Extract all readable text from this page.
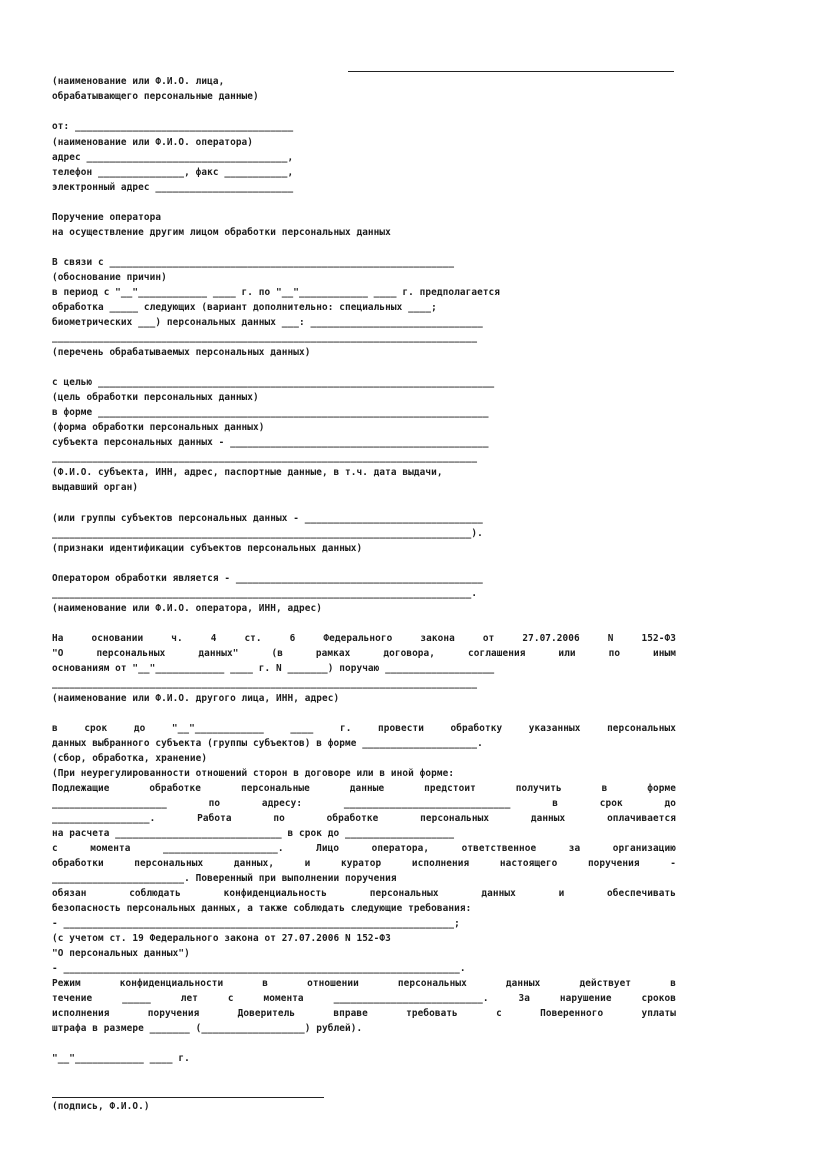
(наименование или Ф.И.О. лица,
обрабатывающего персональные данные)
от: ______________________________________
(наименование или Ф.И.О. оператора)
адрес ___________________________________,
телефон _______________, факс ___________,
электронный адрес ________________________
Поручение оператора
на осуществление другим лицом обработки персональных данных
В связи с ____________________________________________________________
(обоснование причин)
в период с "__"____________ ____ г. по "__"____________ ____ г. предполагается
обработка _____ следующих (вариант дополнительно: специальных ____;
биометрических ___) персональных данных ___: ______________________________
__________________________________________________________________________
(перечень обрабатываемых персональных данных)
с целью _____________________________________________________________________
(цель обработки персональных данных)
в форме ____________________________________________________________________
(форма обработки персональных данных)
субъекта персональных данных - _____________________________________________
__________________________________________________________________________
(Ф.И.О. субъекта, ИНН, адрес, паспортные данные, в т.ч. дата выдачи,
выдавший орган)
(или группы субъектов персональных данных - _______________________________
_________________________________________________________________________).
(признаки идентификации субъектов персональных данных)
Оператором обработки является - ___________________________________________
_________________________________________________________________________.
(наименование или Ф.И.О. оператора, ИНН, адрес)
На основании ч. 4 ст. 6 Федерального закона от 27.07.2006 N 152-ФЗ
"О персональных данных" (в рамках договора, соглашения или по иным
основаниям от "__"____________ ____ г. N _______) поручаю ___________________
__________________________________________________________________________
(наименование или Ф.И.О. другого лица, ИНН, адрес)
в срок до "__"____________ ____ г. провести обработку указанных персональных
данных выбранного субъекта (группы субъектов) в форме ____________________.
(сбор, обработка, хранение)
(При неурегулированности отношений сторон в договоре или в иной форме:
Подлежащие обработке персональные данные предстоит получить в форме
____________________ по адресу: _____________________________ в срок до
_________________. Работа по обработке персональных данных оплачивается
на расчета _____________________________ в срок до ___________________
с момента ____________________. Лицо оператора, ответственное за организацию
обработки персональных данных, и куратор исполнения настоящего поручения -
_______________________. Поверенный при выполнении поручения
обязан соблюдать конфиденциальность персональных данных и обеспечивать
безопасность персональных данных, а также соблюдать следующие требования:
- ____________________________________________________________________;
(с учетом ст. 19 Федерального закона от 27.07.2006 N 152-ФЗ
"О персональных данных")
- _____________________________________________________________________.
Режим конфиденциальности в отношении персональных данных действует в
течение _____ лет с момента __________________________. За нарушение сроков
исполнения поручения Доверитель вправе требовать с Поверенного уплаты
штрафа в размере _______ (__________________) рублей).
"__"____________ ____ г.
(подпись, Ф.И.О.)
